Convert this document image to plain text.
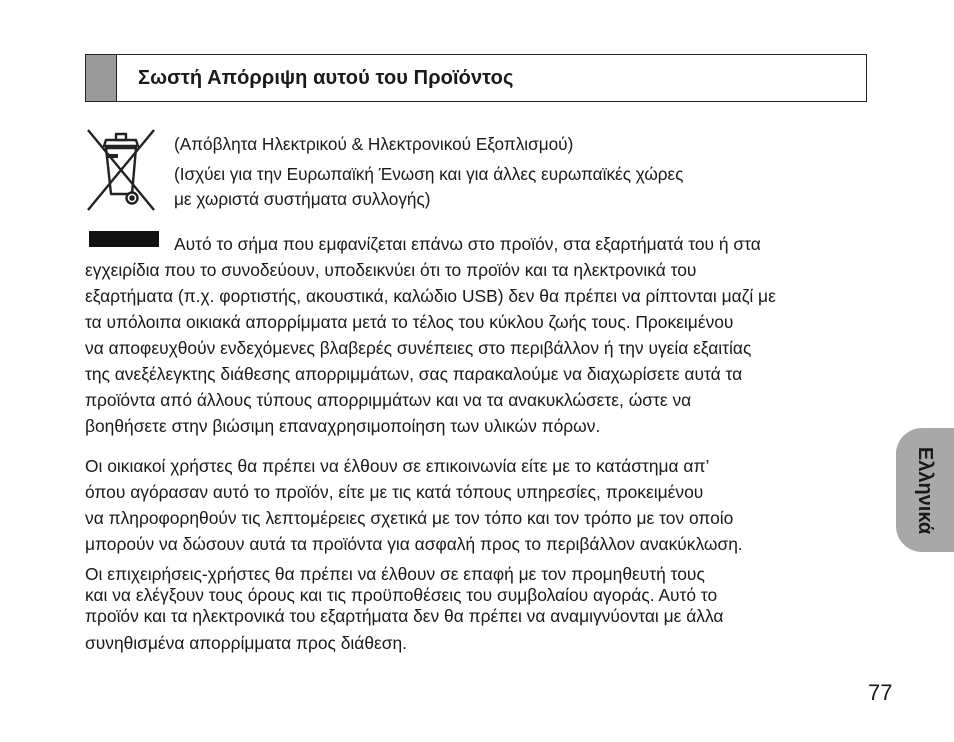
Σωστή Απόρριψη αυτού του Προϊόντος
(Απόβλητα Ηλεκτρικού & Ηλεκτρονικού Εξοπλισμού)
(Ισχύει για την Ευρωπαϊκή Ένωση και για άλλες ευρωπαϊκές χώρες
με χωριστά συστήματα συλλογής)
Αυτό το σήμα που εμφανίζεται επάνω στο προϊόν, στα εξαρτήματά του ή στα
εγχειρίδια που το συνοδεύουν, υποδεικνύει ότι το προϊόν και τα ηλεκτρονικά του
εξαρτήματα (π.χ. φορτιστής, ακουστικά, καλώδιο USB) δεν θα πρέπει να ρίπτονται μαζί με
τα υπόλοιπα οικιακά απορρίμματα μετά το τέλος του κύκλου ζωής τους. Προκειμένου
να αποφευχθούν ενδεχόμενες βλαβερές συνέπειες στο περιβάλλον ή την υγεία εξαιτίας
της ανεξέλεγκτης διάθεσης απορριμμάτων, σας παρακαλούμε να διαχωρίσετε αυτά τα
προϊόντα από άλλους τύπους απορριμμάτων και να τα ανακυκλώσετε, ώστε να
βοηθήσετε στην βιώσιμη επαναχρησιμοποίηση των υλικών πόρων.
Οι οικιακοί χρήστες θα πρέπει να έλθουν σε επικοινωνία είτε με το κατάστημα απ’
όπου αγόρασαν αυτό το προϊόν, είτε με τις κατά τόπους υπηρεσίες, προκειμένου
να πληροφορηθούν τις λεπτομέρειες σχετικά με τον τόπο και τον τρόπο με τον οποίο
μπορούν να δώσουν αυτά τα προϊόντα για ασφαλή προς το περιβάλλον ανακύκλωση.
Οι επιχειρήσεις-χρήστες θα πρέπει να έλθουν σε επαφή με τον προμηθευτή τους
και να ελέγξουν τους όρους και τις προϋποθέσεις του συμβολαίου αγοράς. Αυτό το
προϊόν και τα ηλεκτρονικά του εξαρτήματα δεν θα πρέπει να αναμιγνύονται με άλλα
συνηθισμένα απορρίμματα προς διάθεση.
Ελληνικά
77
